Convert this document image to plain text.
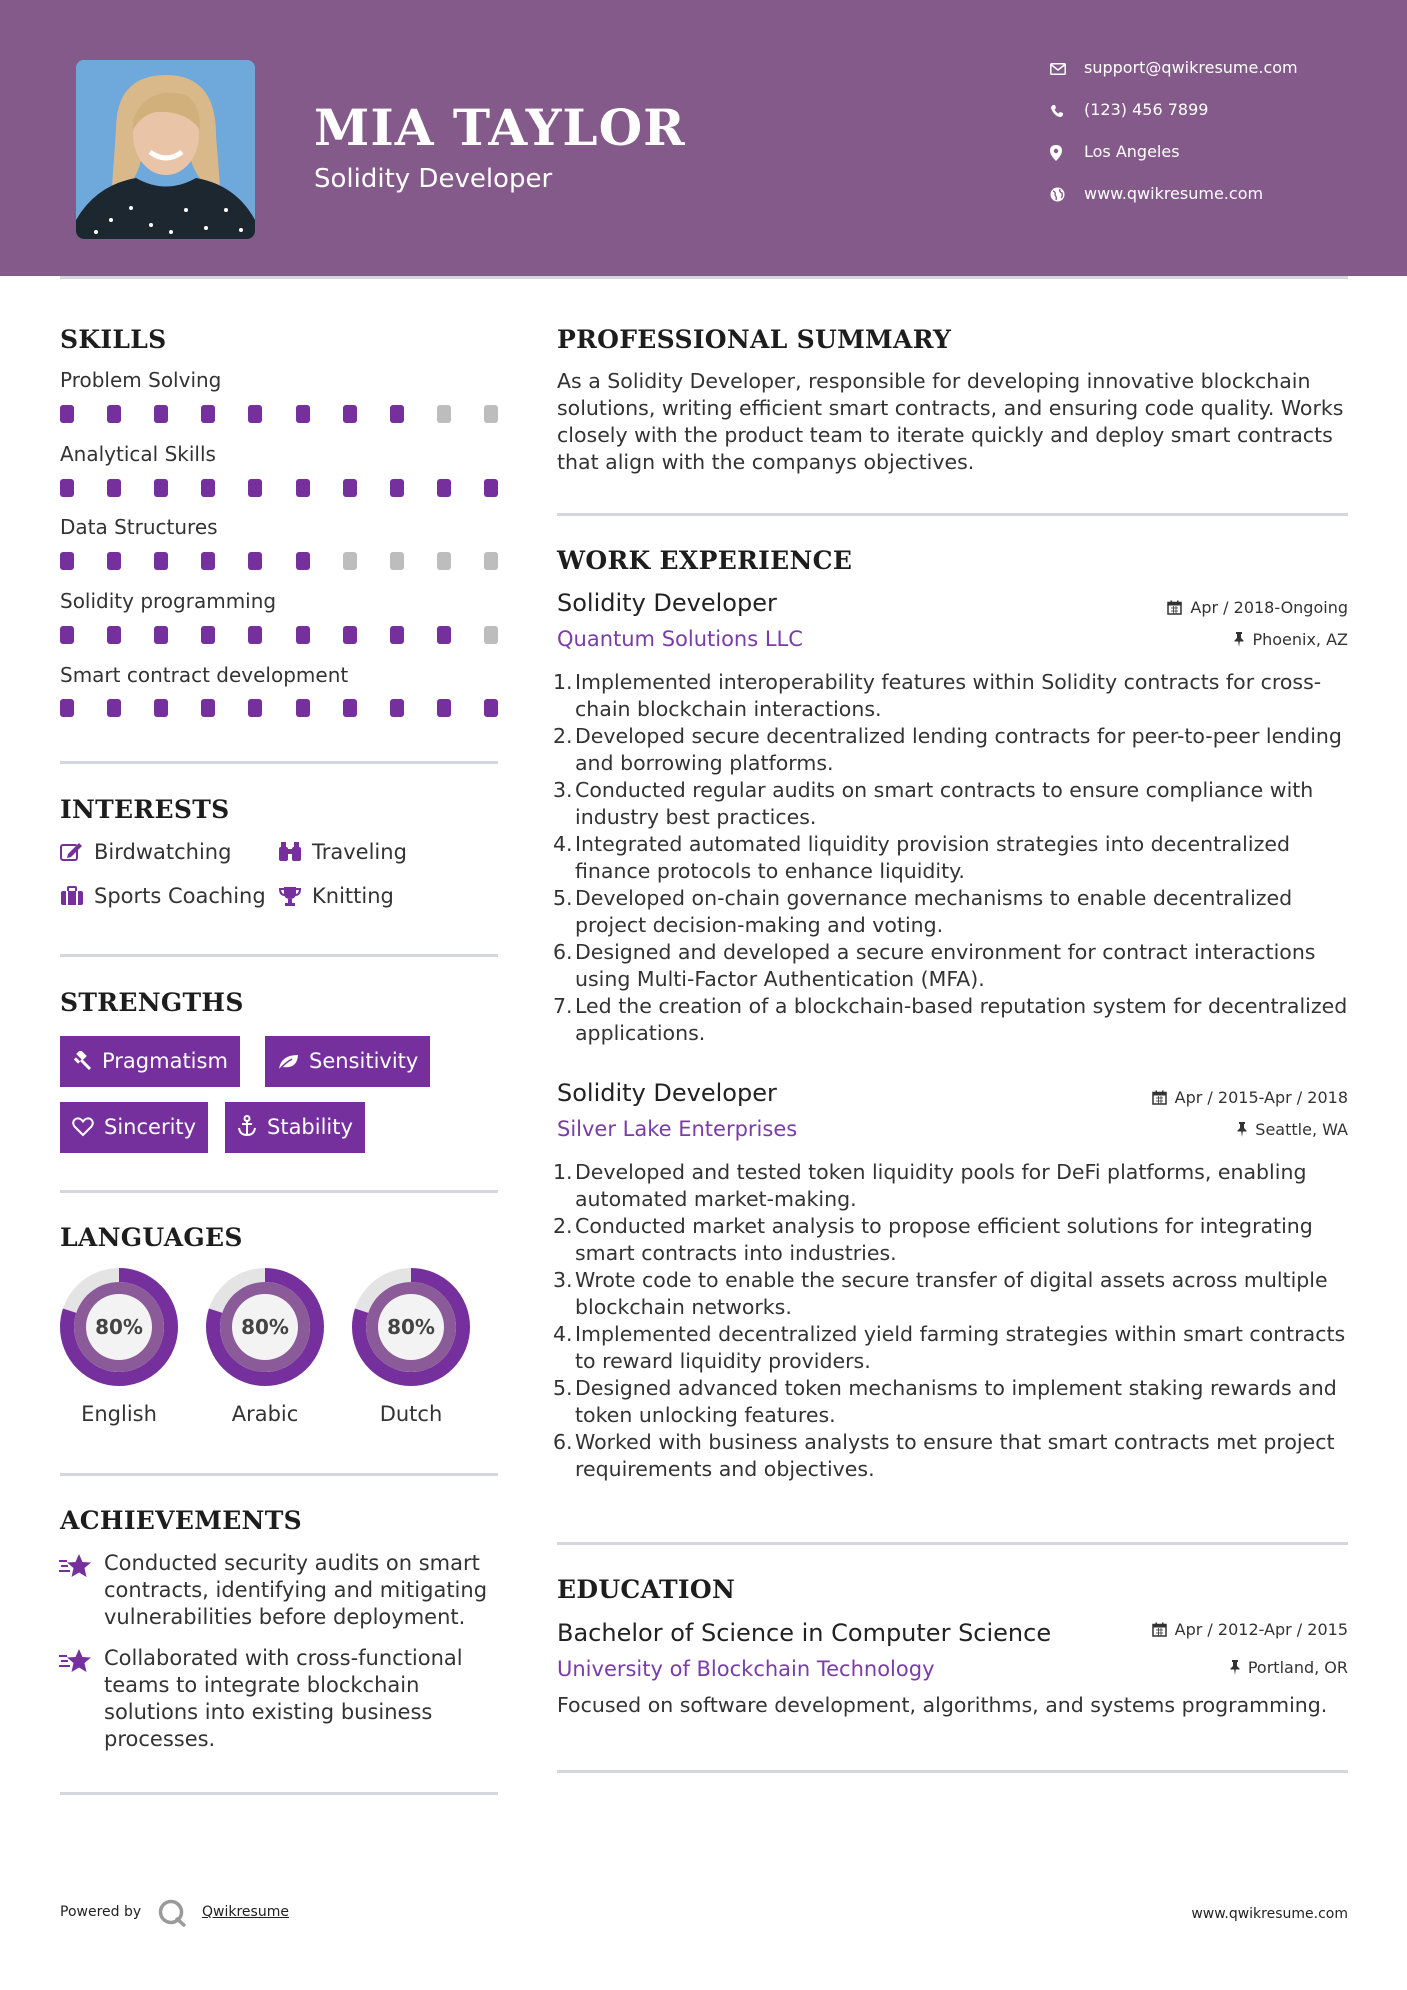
MIA TAYLOR
Solidity Developer
support@qwikresume.com
(123) 456 7899
Los Angeles
www.qwikresume.com
SKILLS
Problem Solving
Analytical Skills
Data Structures
Solidity programming
Smart contract development
INTERESTS
Birdwatching	Traveling
Sports Coaching	Knitting
STRENGTHS
Pragmatism	Sensitivity
Sincerity	Stability
LANGUAGES
80%	80%	80%
English	Arabic	Dutch
ACHIEVEMENTS
Conducted security audits on smart contracts, identifying and mitigating vulnerabilities before deployment.
Collaborated with cross-functional teams to integrate blockchain solutions into existing business processes.
PROFESSIONAL SUMMARY
As a Solidity Developer, responsible for developing innovative blockchain solutions, writing efficient smart contracts, and ensuring code quality. Works closely with the product team to iterate quickly and deploy smart contracts that align with the companys objectives.
WORK EXPERIENCE
Solidity Developer
Quantum Solutions LLC
Apr / 2018-Ongoing
Phoenix, AZ
1. Implemented interoperability features within Solidity contracts for cross-chain blockchain interactions.
2. Developed secure decentralized lending contracts for peer-to-peer lending and borrowing platforms.
3. Conducted regular audits on smart contracts to ensure compliance with industry best practices.
4. Integrated automated liquidity provision strategies into decentralized finance protocols to enhance liquidity.
5. Developed on-chain governance mechanisms to enable decentralized project decision-making and voting.
6. Designed and developed a secure environment for contract interactions using Multi-Factor Authentication (MFA).
7. Led the creation of a blockchain-based reputation system for decentralized applications.
Solidity Developer
Silver Lake Enterprises
Apr / 2015-Apr / 2018
Seattle, WA
1. Developed and tested token liquidity pools for DeFi platforms, enabling automated market-making.
2. Conducted market analysis to propose efficient solutions for integrating smart contracts into industries.
3. Wrote code to enable the secure transfer of digital assets across multiple blockchain networks.
4. Implemented decentralized yield farming strategies within smart contracts to reward liquidity providers.
5. Designed advanced token mechanisms to implement staking rewards and token unlocking features.
6. Worked with business analysts to ensure that smart contracts met project requirements and objectives.
EDUCATION
Bachelor of Science in Computer Science
University of Blockchain Technology
Apr / 2012-Apr / 2015
Portland, OR
Focused on software development, algorithms, and systems programming.
Powered by	Qwikresume	www.qwikresume.com
